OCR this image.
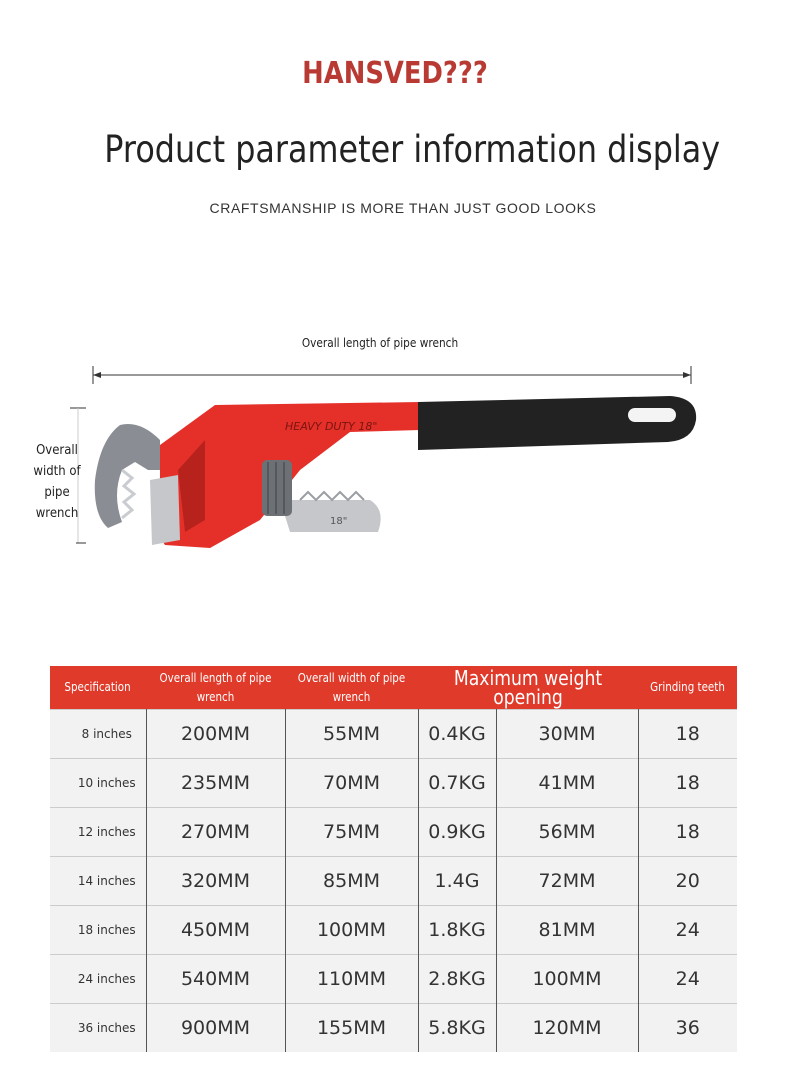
HANSVED???
Product parameter information display
CRAFTSMANSHIP IS MORE THAN JUST GOOD LOOKS
HEAVY DUTY 18"
18"
Overall length of pipe wrench
Overall width of pipe wrench
Specification	Overall length of pipe wrench	Overall width of pipe wrench	Maximum weight opening		Grinding teeth
8 inches	200MM	55MM	0.4KG	30MM	18
10 inches	235MM	70MM	0.7KG	41MM	18
12 inches	270MM	75MM	0.9KG	56MM	18
14 inches	320MM	85MM	1.4G	72MM	20
18 inches	450MM	100MM	1.8KG	81MM	24
24 inches	540MM	110MM	2.8KG	100MM	24
36 inches	900MM	155MM	5.8KG	120MM	36
